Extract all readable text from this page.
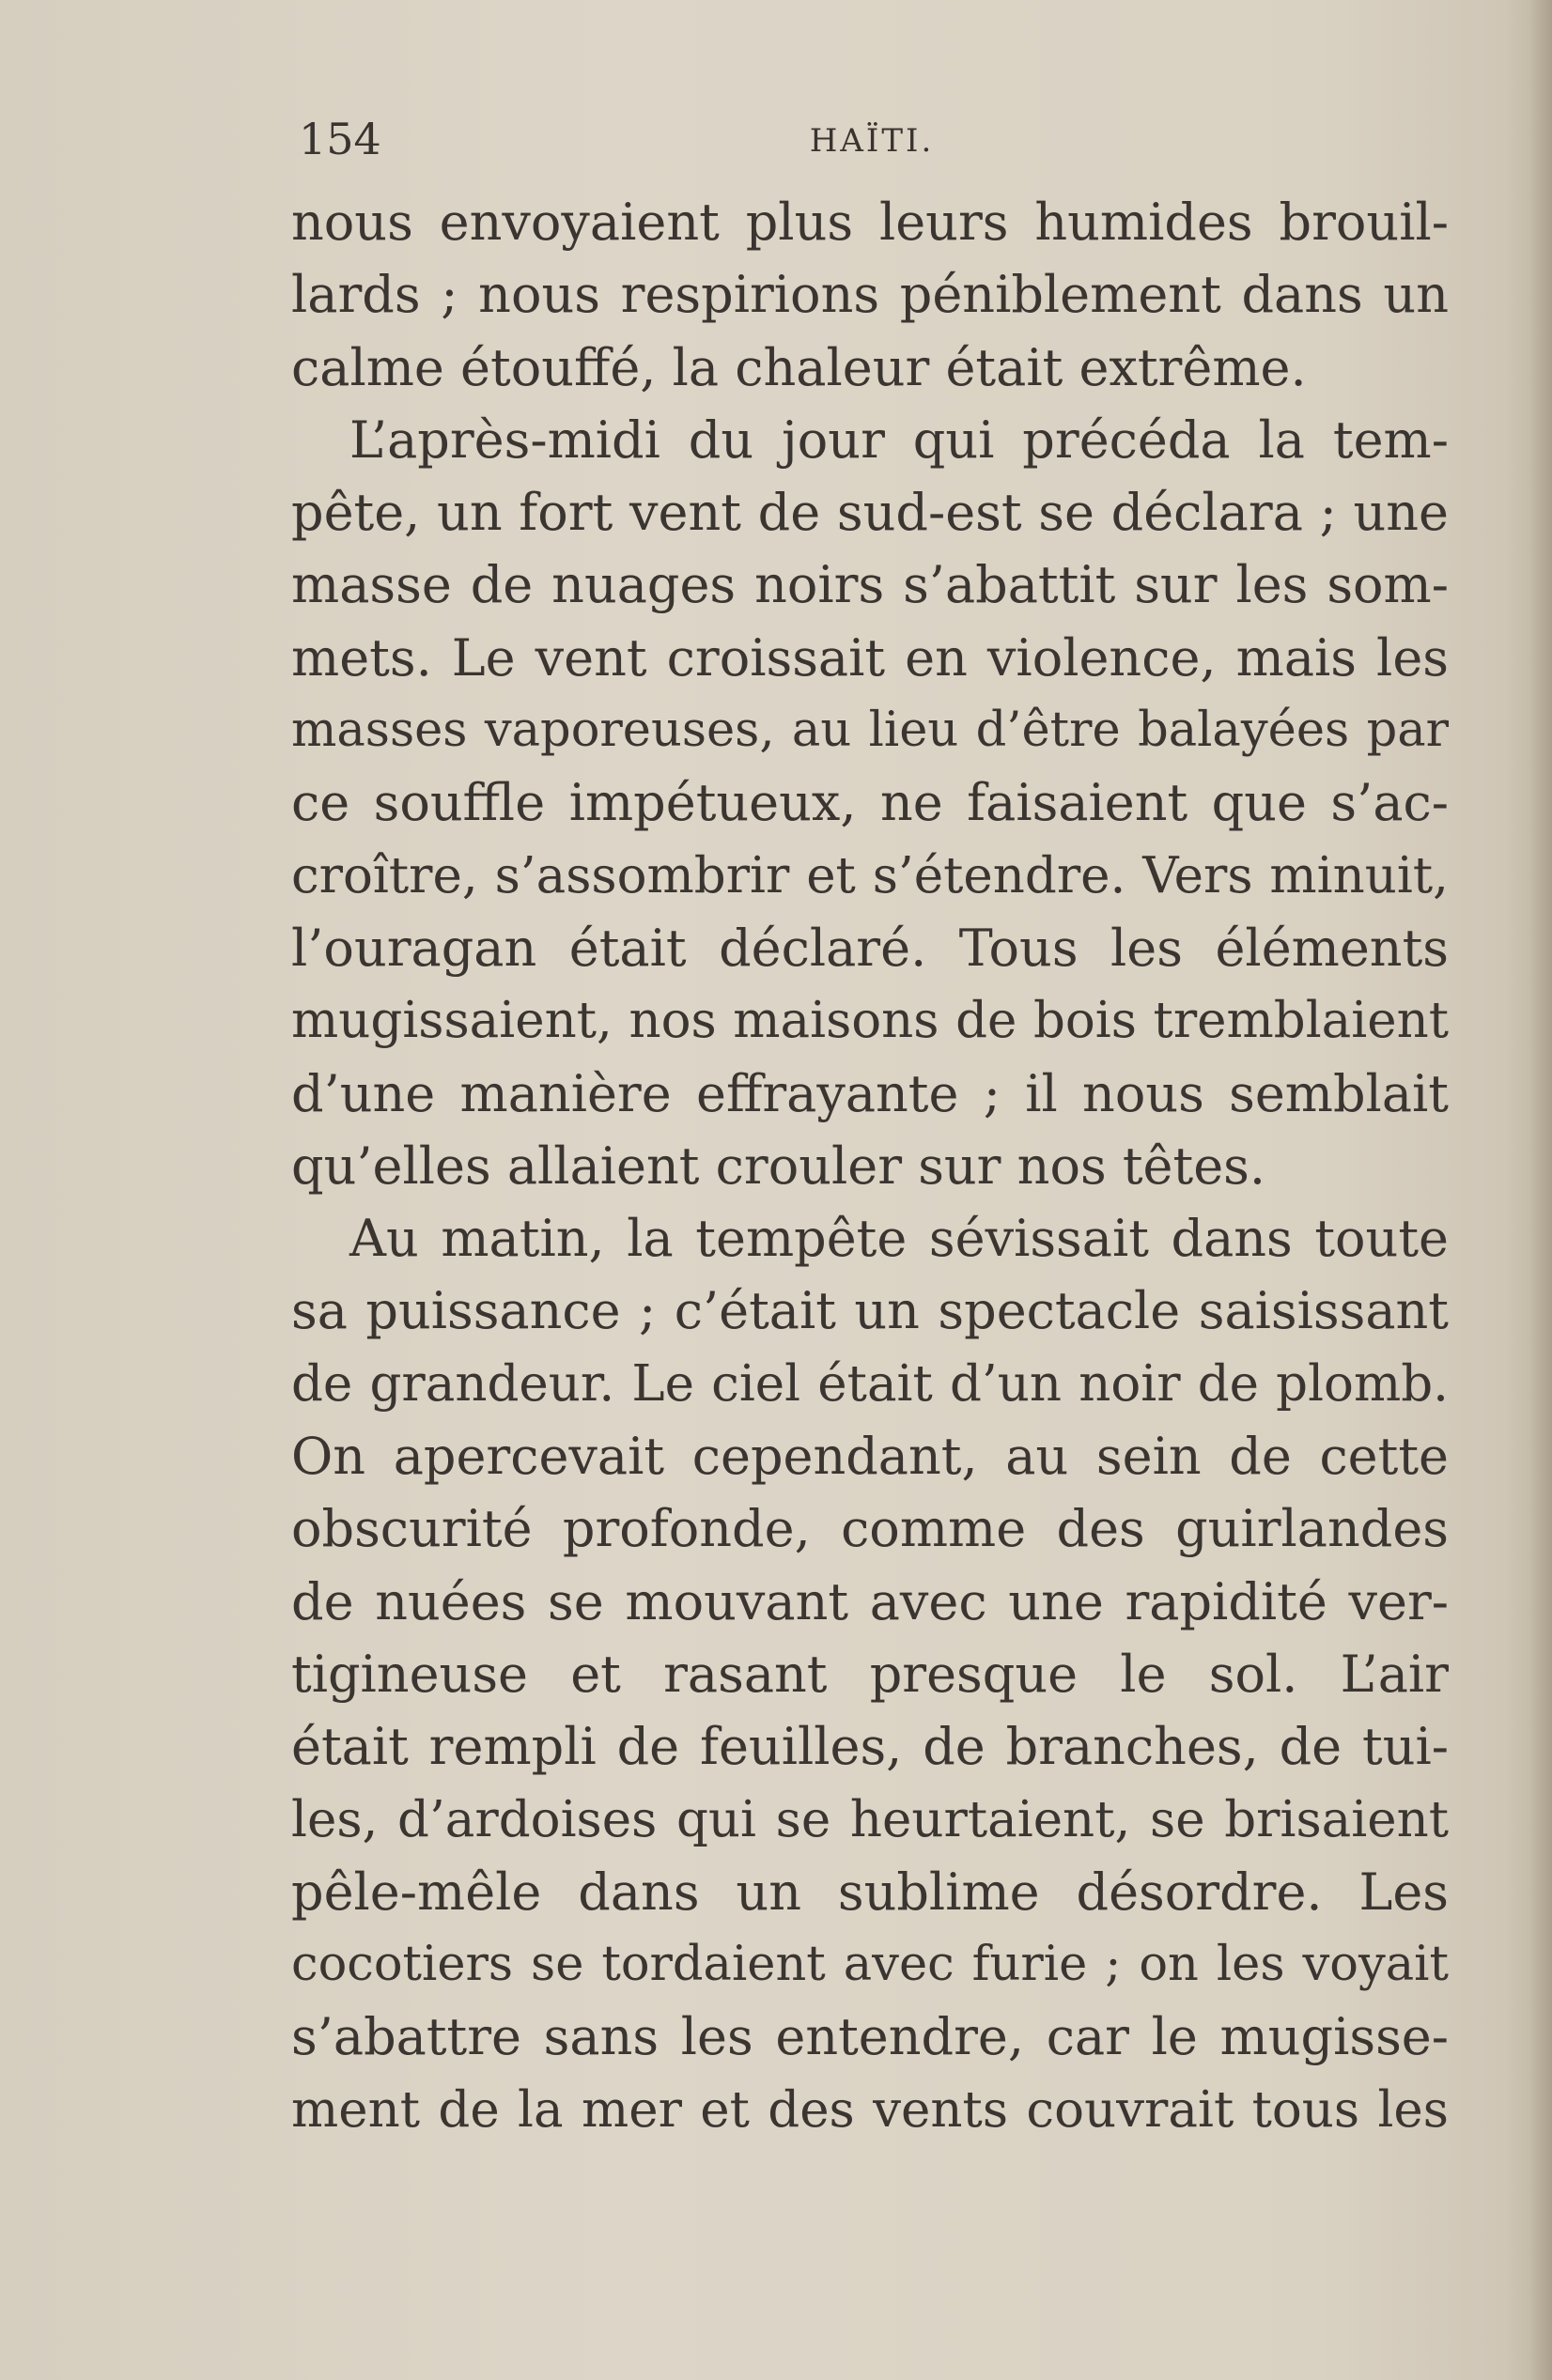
154	HAÏTI.
nous envoyaient plus leurs humides brouil-
lards ; nous respirions péniblement dans un
calme étouffé, la chaleur était extrême.
L’après-midi du jour qui précéda la tem-
pête, un fort vent de sud-est se déclara ; une
masse de nuages noirs s’abattit sur les som-
mets. Le vent croissait en violence, mais les
masses vaporeuses, au lieu d’être balayées par
ce souffle impétueux, ne faisaient que s’ac-
croître, s’assombrir et s’étendre. Vers minuit,
l’ouragan était déclaré. Tous les éléments
mugissaient, nos maisons de bois tremblaient
d’une manière effrayante ; il nous semblait
qu’elles allaient crouler sur nos têtes.
Au matin, la tempête sévissait dans toute
sa puissance ; c’était un spectacle saisissant
de grandeur. Le ciel était d’un noir de plomb.
On apercevait cependant, au sein de cette
obscurité profonde, comme des guirlandes
de nuées se mouvant avec une rapidité ver-
tigineuse et rasant presque le sol. L’air
était rempli de feuilles, de branches, de tui-
les, d’ardoises qui se heurtaient, se brisaient
pêle-mêle dans un sublime désordre. Les
cocotiers se tordaient avec furie ; on les voyait
s’abattre sans les entendre, car le mugisse-
ment de la mer et des vents couvrait tous les
